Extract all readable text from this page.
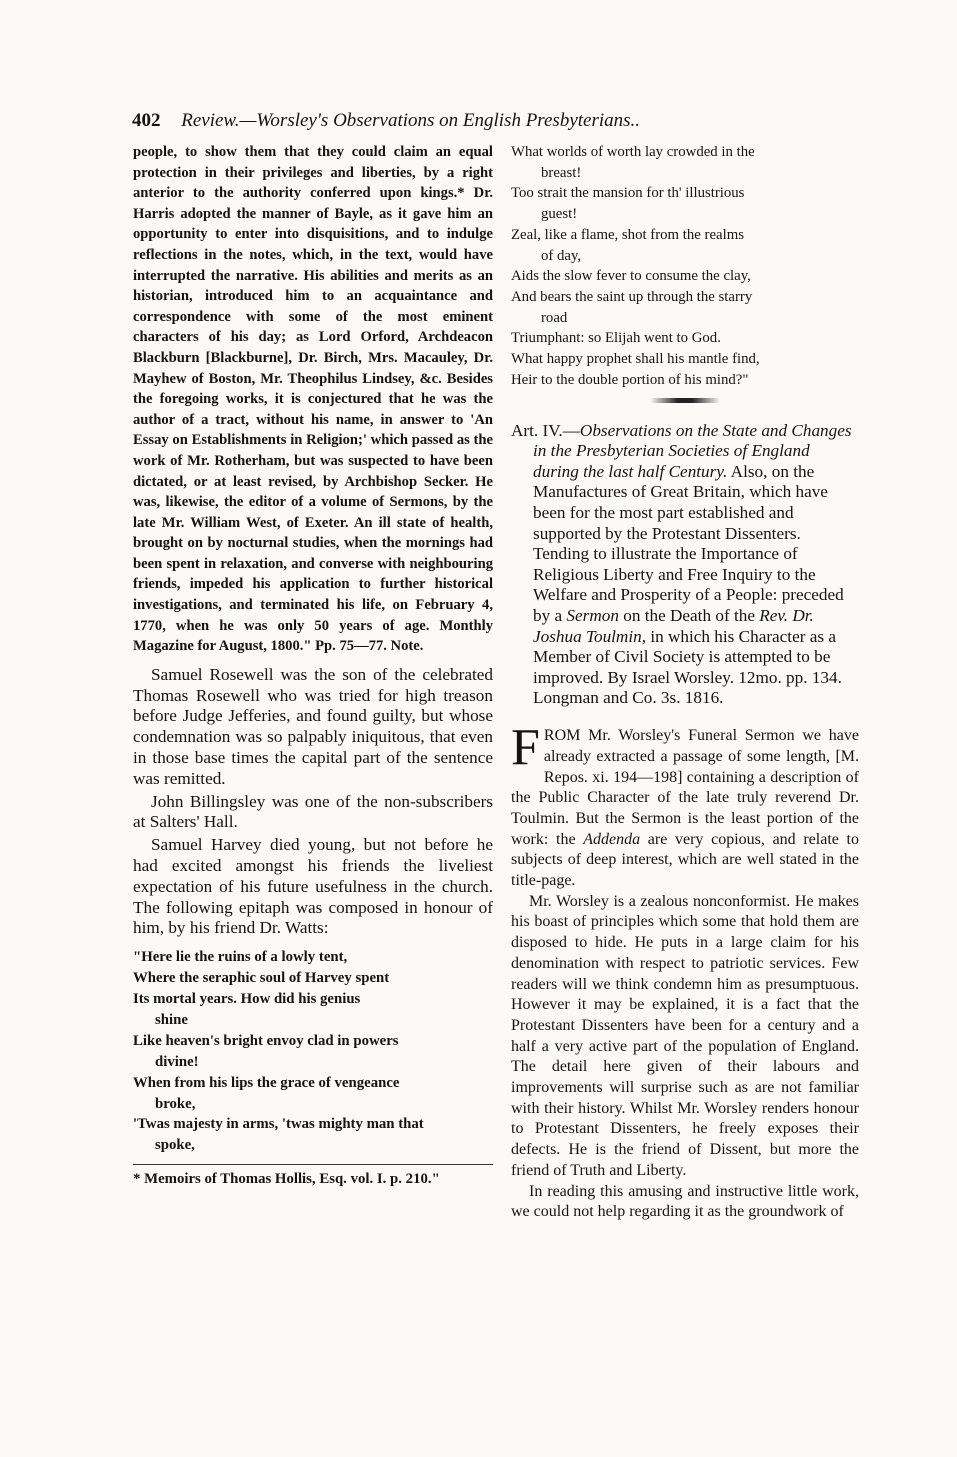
402 Review.—Worsley's Observations on English Presbyterians..

people, to show them that they could claim an equal protection in their privileges and liberties, by a right anterior to the authority conferred upon kings.* Dr. Harris adopted the manner of Bayle, as it gave him an opportunity to enter into disquisitions, and to indulge reflections in the notes, which, in the text, would have interrupted the narrative. His abilities and merits as an historian, introduced him to an acquaintance and correspondence with some of the most eminent characters of his day; as Lord Orford, Archdeacon Blackburn [Blackburne], Dr. Birch, Mrs. Macauley, Dr. Mayhew of Boston, Mr. Theophilus Lindsey, &c. Besides the foregoing works, it is conjectured that he was the author of a tract, without his name, in answer to 'An Essay on Establishments in Religion;' which passed as the work of Mr. Rotherham, but was suspected to have been dictated, or at least revised, by Archbishop Secker. He was, likewise, the editor of a volume of Sermons, by the late Mr. William West, of Exeter. An ill state of health, brought on by nocturnal studies, when the mornings had been spent in relaxation, and converse with neighbouring friends, impeded his application to further historical investigations, and terminated his life, on February 4, 1770, when he was only 50 years of age. Monthly Magazine for August, 1800." Pp. 75—77. Note.

Samuel Rosewell was the son of the celebrated Thomas Rosewell who was tried for high treason before Judge Jefferies, and found guilty, but whose condemnation was so palpably iniquitous, that even in those base times the capital part of the sentence was remitted.

John Billingsley was one of the non-subscribers at Salters' Hall.

Samuel Harvey died young, but not before he had excited amongst his friends the liveliest expectation of his future usefulness in the church. The following epitaph was composed in honour of him, by his friend Dr. Watts:

"Here lie the ruins of a lowly tent,
Where the seraphic soul of Harvey spent
Its mortal years. How did his genius
shine
Like heaven's bright envoy clad in powers
divine!
When from his lips the grace of vengeance
broke,
'Twas majesty in arms, 'twas mighty man that
spoke,
* Memoirs of Thomas Hollis, Esq. vol. I. p. 210."
What worlds of worth lay crowded in the
breast!
Too strait the mansion for th' illustrious
guest!
Zeal, like a flame, shot from the realms
of day,
Aids the slow fever to consume the clay,
And bears the saint up through the starry
road
Triumphant: so Elijah went to God.
What happy prophet shall his mantle find,
Heir to the double portion of his mind?"

Art. IV.—Observations on the State and Changes in the Presbyterian Societies of England during the last half Century. Also, on the Manufactures of Great Britain, which have been for the most part established and supported by the Protestant Dissenters. Tending to illustrate the Importance of Religious Liberty and Free Inquiry to the Welfare and Prosperity of a People: preceded by a Sermon on the Death of the Rev. Dr. Joshua Toulmin, in which his Character as a Member of Civil Society is attempted to be improved. By Israel Worsley. 12mo. pp. 134. Longman and Co. 3s. 1816.

FROM Mr. Worsley's Funeral Sermon we have already extracted a passage of some length, [M. Repos. xi. 194—198] containing a description of the Public Character of the late truly reverend Dr. Toulmin. But the Sermon is the least portion of the work: the Addenda are very copious, and relate to subjects of deep interest, which are well stated in the title-page.

Mr. Worsley is a zealous nonconformist. He makes his boast of principles which some that hold them are disposed to hide. He puts in a large claim for his denomination with respect to patriotic services. Few readers will we think condemn him as presumptuous. However it may be explained, it is a fact that the Protestant Dissenters have been for a century and a half a very active part of the population of England. The detail here given of their labours and improvements will surprise such as are not familiar with their history. Whilst Mr. Worsley renders honour to Protestant Dissenters, he freely exposes their defects. He is the friend of Dissent, but more the friend of Truth and Liberty.

In reading this amusing and instructive little work, we could not help regarding it as the groundwork of
